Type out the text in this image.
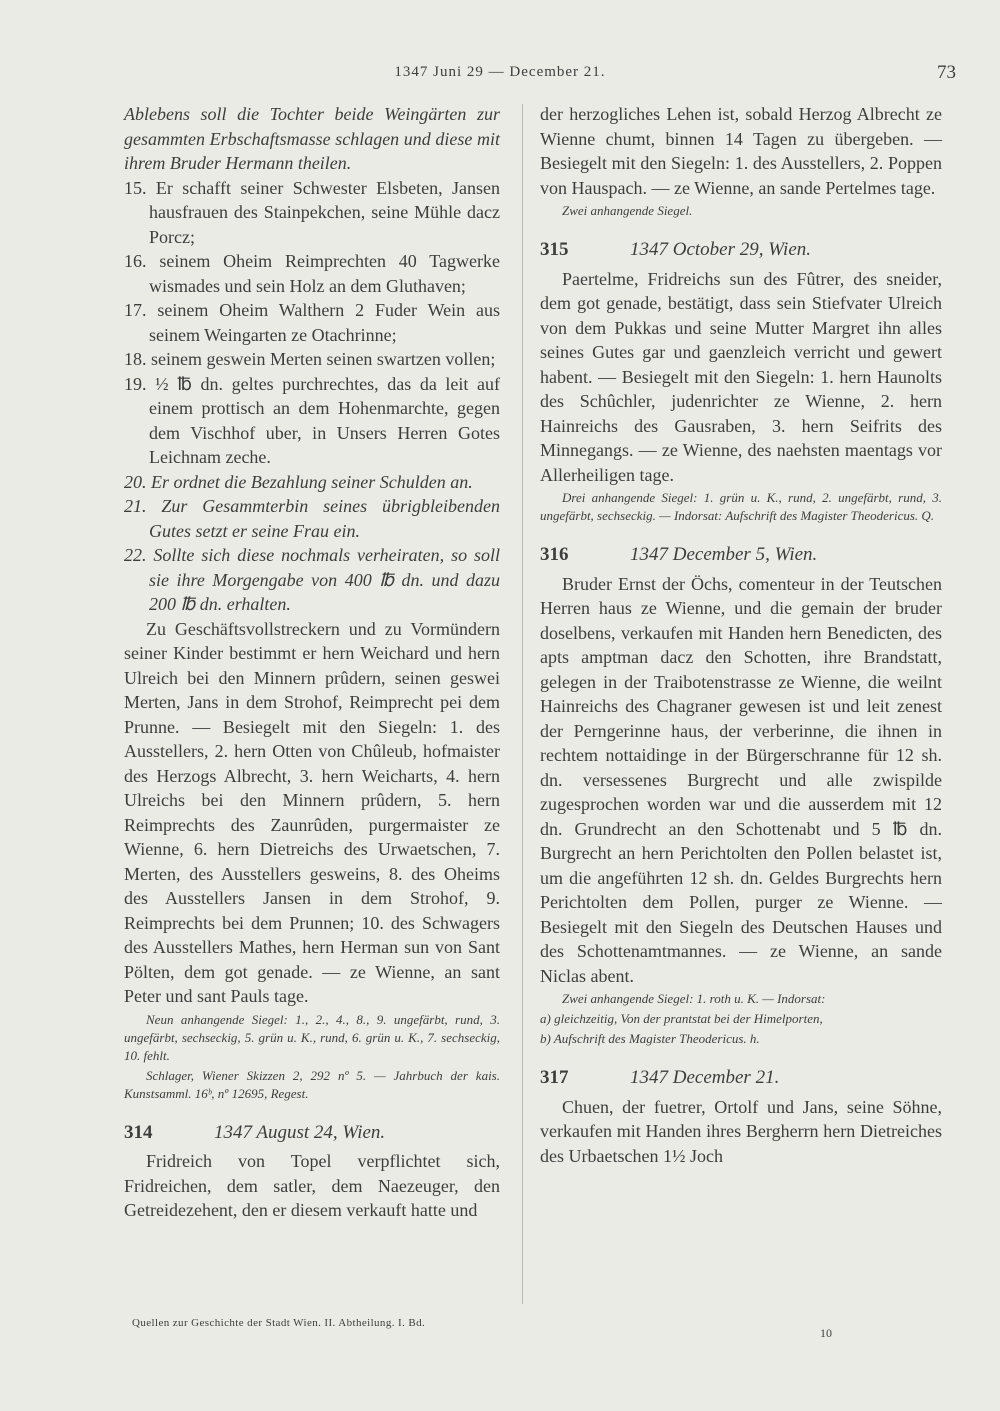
1347 Juni 29 — December 21.	73

Ablebens soll die Tochter beide Weingärten zur gesammten Erbschaftsmasse schlagen und diese mit ihrem Bruder Hermann theilen.

15. Er schafft seiner Schwester Elsbeten, Jansen hausfrauen des Stainpekchen, seine Mühle dacz Porcz;

16. seinem Oheim Reimprechten 40 Tagwerke wismades und sein Holz an dem Gluthaven;

17. seinem Oheim Walthern 2 Fuder Wein aus seinem Weingarten ze Otachrinne;

18. seinem geswein Merten seinen swartzen vollen;

19. ½ ℔ dn. geltes purchrechtes, das da leit auf einem prottisch an dem Hohenmarchte, gegen dem Vischhof uber, in Unsers Herren Gotes Leichnam zeche.

20. Er ordnet die Bezahlung seiner Schulden an.

21. Zur Gesammterbin seines übrigbleibenden Gutes setzt er seine Frau ein.

22. Sollte sich diese nochmals verheiraten, so soll sie ihre Morgengabe von 400 ℔ dn. und dazu 200 ℔ dn. erhalten.

Zu Geschäftsvollstreckern und zu Vormündern seiner Kinder bestimmt er hern Weichard und hern Ulreich bei den Minnern prûdern, seinen geswei Merten, Jans in dem Strohof, Reimprecht pei dem Prunne. — Besiegelt mit den Siegeln: 1. des Ausstellers, 2. hern Otten von Chûleub, hofmaister des Herzogs Albrecht, 3. hern Weicharts, 4. hern Ulreichs bei den Minnern prûdern, 5. hern Reimprechts des Zaunrûden, purgermaister ze Wienne, 6. hern Dietreichs des Urwaetschen, 7. Merten, des Ausstellers gesweins, 8. des Oheims des Ausstellers Jansen in dem Strohof, 9. Reimprechts bei dem Prunnen; 10. des Schwagers des Ausstellers Mathes, hern Herman sun von Sant Pölten, dem got genade. — ze Wienne, an sant Peter und sant Pauls tage.

Neun anhangende Siegel: 1., 2., 4., 8., 9. ungefärbt, rund, 3. ungefärbt, sechseckig, 5. grün u. K., rund, 6. grün u. K., 7. sechseckig, 10. fehlt.

Schlager, Wiener Skizzen 2, 292 nº 5. — Jahrbuch der kais. Kunstsamml. 16ᵇ, nº 12695, Regest.

314	1347 August 24, Wien.

Fridreich von Topel verpflichtet sich, Fridreichen, dem satler, dem Naezeuger, den Getreidezehent, den er diesem verkauft hatte und

der herzogliches Lehen ist, sobald Herzog Albrecht ze Wienne chumt, binnen 14 Tagen zu übergeben. — Besiegelt mit den Siegeln: 1. des Ausstellers, 2. Poppen von Hauspach. — ze Wienne, an sande Pertelmes tage.

Zwei anhangende Siegel.

315	1347 October 29, Wien.

Paertelme, Fridreichs sun des Fûtrer, des sneider, dem got genade, bestätigt, dass sein Stiefvater Ulreich von dem Pukkas und seine Mutter Margret ihn alles seines Gutes gar und gaenzleich verricht und gewert habent. — Besiegelt mit den Siegeln: 1. hern Haunolts des Schûchler, judenrichter ze Wienne, 2. hern Hainreichs des Gausraben, 3. hern Seifrits des Minnegangs. — ze Wienne, des naehsten maentags vor Allerheiligen tage.

Drei anhangende Siegel: 1. grün u. K., rund, 2. ungefärbt, rund, 3. ungefärbt, sechseckig. — Indorsat: Aufschrift des Magister Theodericus. Q.

316	1347 December 5, Wien.

Bruder Ernst der Öchs, comenteur in der Teutschen Herren haus ze Wienne, und die gemain der bruder doselbens, verkaufen mit Handen hern Benedicten, des apts amptman dacz den Schotten, ihre Brandstatt, gelegen in der Traibotenstrasse ze Wienne, die weilnt Hainreichs des Chagraner gewesen ist und leit zenest der Perngerinne haus, der verberinne, die ihnen in rechtem nottaidinge in der Bürgerschranne für 12 sh. dn. versessenes Burgrecht und alle zwispilde zugesprochen worden war und die ausserdem mit 12 dn. Grundrecht an den Schottenabt und 5 ℔ dn. Burgrecht an hern Perichtolten den Pollen belastet ist, um die angeführten 12 sh. dn. Geldes Burgrechts hern Perichtolten dem Pollen, purger ze Wienne. — Besiegelt mit den Siegeln des Deutschen Hauses und des Schottenamtmannes. — ze Wienne, an sande Niclas abent.

Zwei anhangende Siegel: 1. roth u. K. — Indorsat:

a) gleichzeitig, Von der prantstat bei der Himelporten,

b) Aufschrift des Magister Theodericus. h.

317	1347 December 21.

Chuen, der fuetrer, Ortolf und Jans, seine Söhne, verkaufen mit Handen ihres Bergherrn hern Dietreiches des Urbaetschen 1½ Joch

Quellen zur Geschichte der Stadt Wien. II. Abtheilung. I. Bd.
10
